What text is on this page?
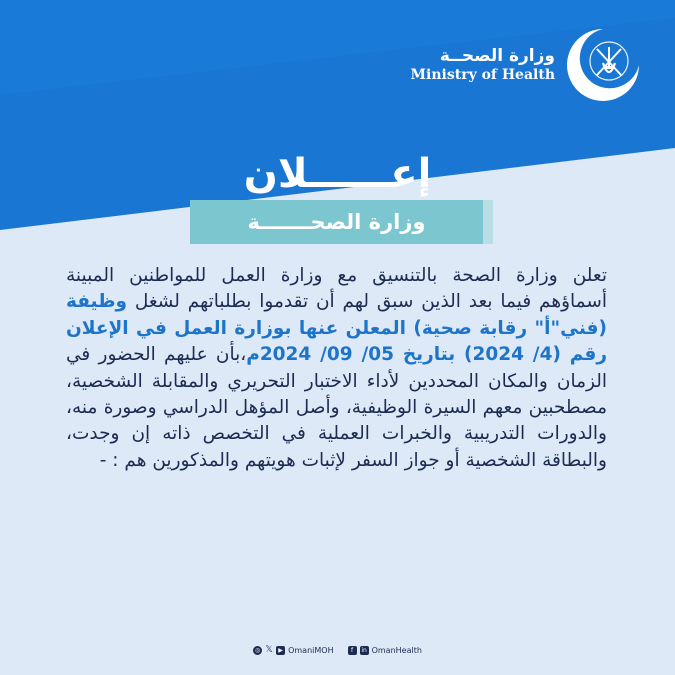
وزارة الصحــة
Ministry of Health
إعــــــلان
وزارة الصحـــــــة
تعلن وزارة الصحة بالتنسيق مع وزارة العمل للمواطنين المبينة أسماؤهم فيما بعد الذين سبق لهم أن تقدموا بطلباتهم لشغل وظيفة (فني"أ" رقابة صحية) المعلن عنها بوزارة العمل في الإعلان رقم (4/ 2024) بتاريخ 05/ 09/ 2024م،بأن عليهم الحضور في الزمان والمكان المحددين لأداء الاختبار التحريري والمقابلة الشخصية، مصطحبين معهم السيرة الوظيفية، وأصل المؤهل الدراسي وصورة منه، والدورات التدريبية والخبرات العملية في التخصص ذاته إن وجدت، والبطاقة الشخصية أو جواز السفر لإثبات هويتهم والمذكورين هم : -
◎ 𝕏 ▶ OmaniMOH	f	in OmanHealth
